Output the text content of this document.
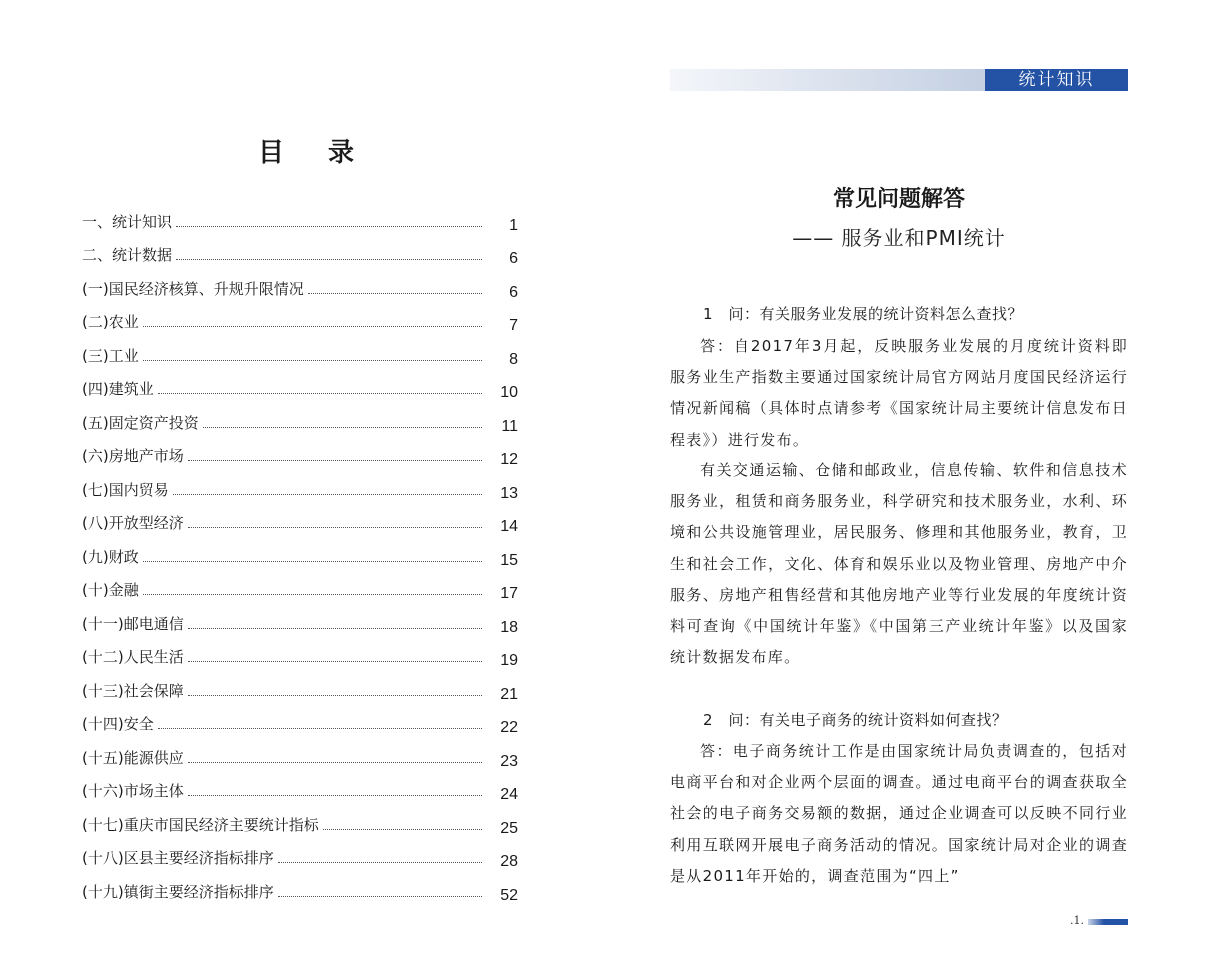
目录
一、统计知识	1
二、统计数据	6
(一)国民经济核算、升规升限情况	6
(二)农业	7
(三)工业	8
(四)建筑业	10
(五)固定资产投资	11
(六)房地产市场	12
(七)国内贸易	13
(八)开放型经济	14
(九)财政	15
(十)金融	17
(十一)邮电通信	18
(十二)人民生活	19
(十三)社会保障	21
(十四)安全	22
(十五)能源供应	23
(十六)市场主体	24
(十七)重庆市国民经济主要统计指标	25
(十八)区县主要经济指标排序	28
(十九)镇街主要经济指标排序	52
统计知识
常见问题解答
—— 服务业和PMI统计
1　问：有关服务业发展的统计资料怎么查找？
答：自2017年3月起，反映服务业发展的月度统计资料即服务业生产指数主要通过国家统计局官方网站月度国民经济运行情况新闻稿（具体时点请参考《国家统计局主要统计信息发布日程表》）进行发布。
有关交通运输、仓储和邮政业，信息传输、软件和信息技术服务业，租赁和商务服务业，科学研究和技术服务业，水利、环境和公共设施管理业，居民服务、修理和其他服务业，教育，卫生和社会工作，文化、体育和娱乐业以及物业管理、房地产中介服务、房地产租售经营和其他房地产业等行业发展的年度统计资料可查询《中国统计年鉴》《中国第三产业统计年鉴》以及国家统计数据发布库。
2　问：有关电子商务的统计资料如何查找？
答：电子商务统计工作是由国家统计局负责调查的，包括对电商平台和对企业两个层面的调查。通过电商平台的调查获取全社会的电子商务交易额的数据，通过企业调查可以反映不同行业利用互联网开展电子商务活动的情况。国家统计局对企业的调查是从2011年开始的，调查范围为“四上”
.1.
